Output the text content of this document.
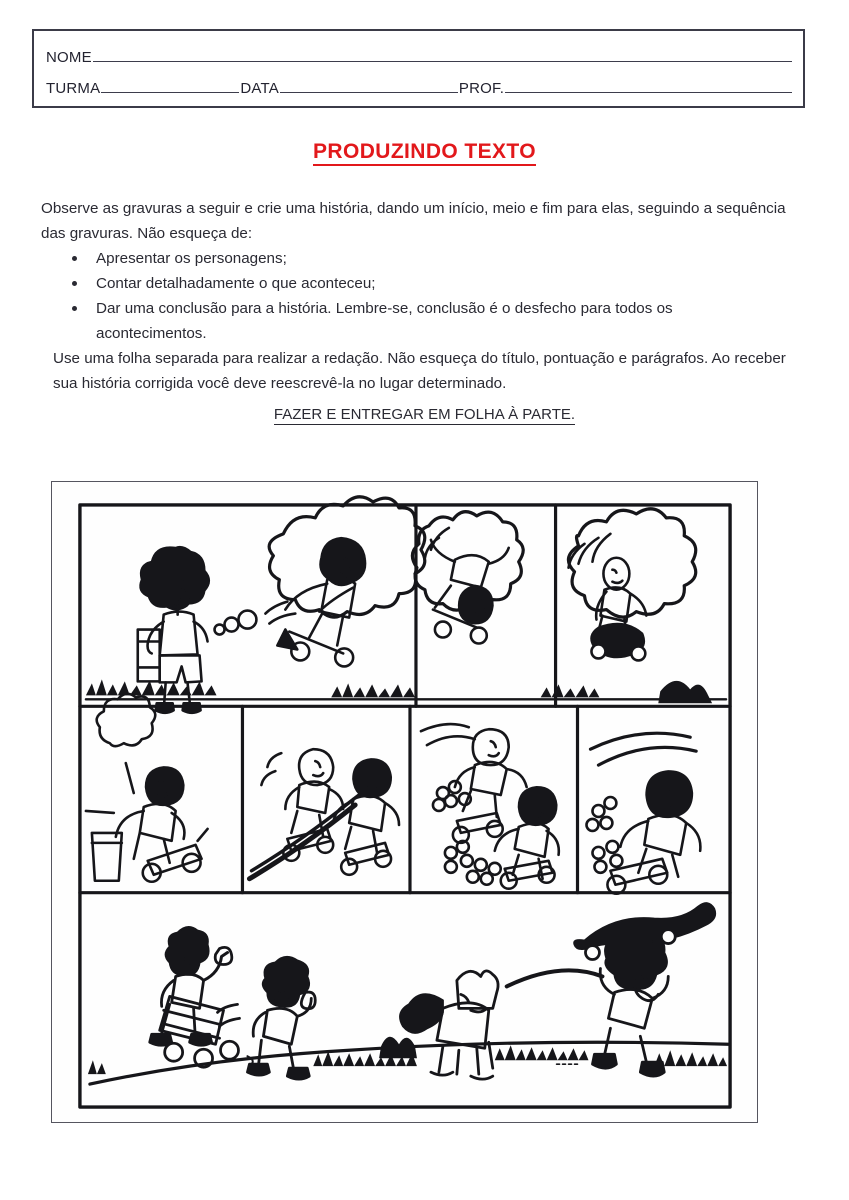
NOME
TURMA	DATA	PROF.
PRODUZINDO TEXTO

Observe as gravuras a seguir e crie uma história, dando um início, meio e fim para elas, seguindo a sequência das gravuras. Não esqueça de:

Apresentar os personagens;
Contar detalhadamente o que aconteceu;
Dar uma conclusão para a história. Lembre-se, conclusão é o desfecho para todos os acontecimentos.

Use uma folha separada para realizar a redação. Não esqueça do título, pontuação e parágrafos. Ao receber sua história corrigida você deve reescrevê-la no lugar determinado.

FAZER E ENTREGAR EM FOLHA À PARTE.
